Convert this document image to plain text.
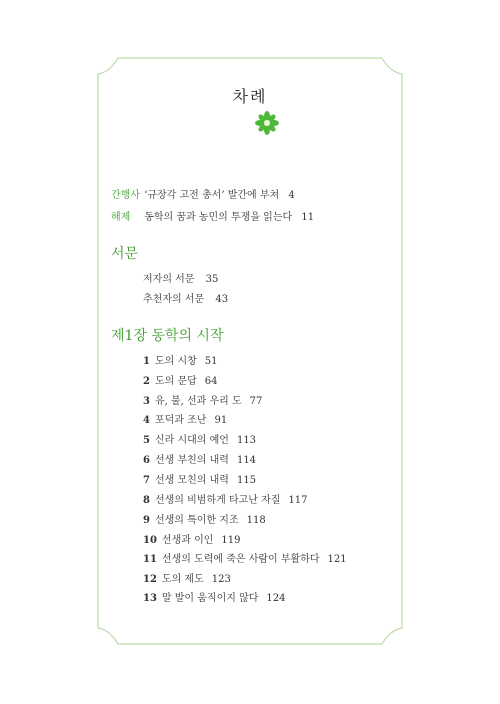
차례
간행사 ‘규장각 고전 총서’ 발간에 부쳐 4
해제 동학의 꿈과 농민의 투쟁을 읽는다 11
서문
저자의 서문 35
추천자의 서문 43
제1장 동학의 시작
1 도의 시창 51
2 도의 문답 64
3 유, 불, 선과 우리 도 77
4 포덕과 조난 91
5 신라 시대의 예언 113
6 선생 부친의 내력 114
7 선생 모친의 내력 115
8 선생의 비범하게 타고난 자질 117
9 선생의 특이한 지조 118
10 선생과 이인 119
11 선생의 도력에 죽은 사람이 부활하다 121
12 도의 제도 123
13 말 발이 움직이지 않다 124
